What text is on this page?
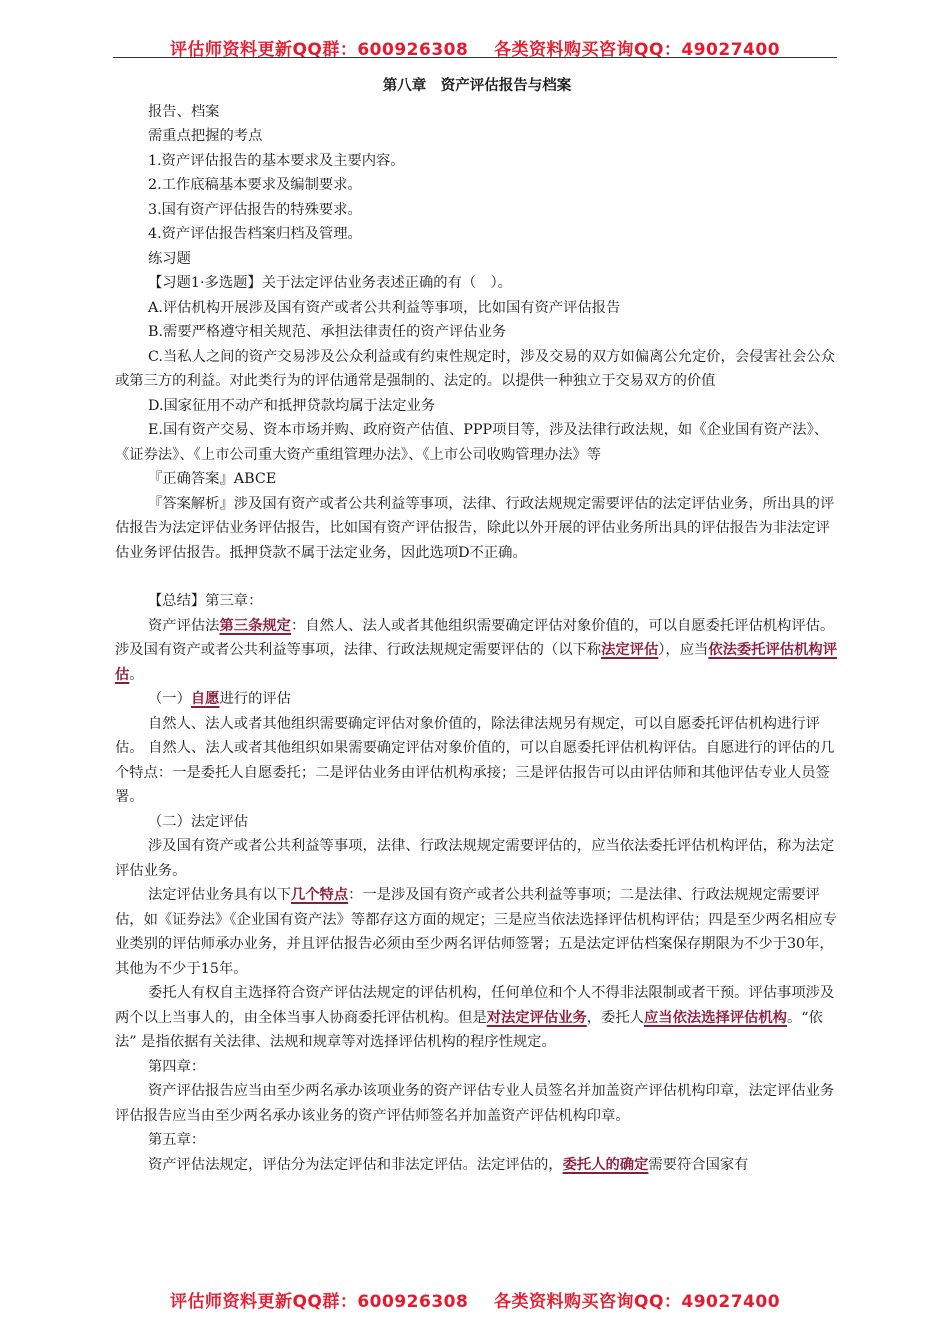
评估师资料更新QQ群：600926308    各类资料购买咨询QQ：49027400

第八章　资产评估报告与档案

报告、档案

需重点把握的考点

1.资产评估报告的基本要求及主要内容。

2.工作底稿基本要求及编制要求。

3.国有资产评估报告的特殊要求。

4.资产评估报告档案归档及管理。

练习题

【习题1·多选题】关于法定评估业务表述正确的有（　）。

A.评估机构开展涉及国有资产或者公共利益等事项，比如国有资产评估报告

B.需要严格遵守相关规范、承担法律责任的资产评估业务

C.当私人之间的资产交易涉及公众利益或有约束性规定时，涉及交易的双方如偏离公允定价，会侵害社会公众或第三方的利益。对此类行为的评估通常是强制的、法定的。以提供一种独立于交易双方的价值

D.国家征用不动产和抵押贷款均属于法定业务

E.国有资产交易、资本市场并购、政府资产估值、PPP项目等，涉及法律行政法规，如《企业国有资产法》、《证券法》、《上市公司重大资产重组管理办法》、《上市公司收购管理办法》等

『正确答案』ABCE

『答案解析』涉及国有资产或者公共利益等事项，法律、行政法规规定需要评估的法定评估业务，所出具的评估报告为法定评估业务评估报告，比如国有资产评估报告，除此以外开展的评估业务所出具的评估报告为非法定评估业务评估报告。抵押贷款不属于法定业务，因此选项D不正确。

【总结】第三章：

资产评估法第三条规定：自然人、法人或者其他组织需要确定评估对象价值的，可以自愿委托评估机构评估。涉及国有资产或者公共利益等事项，法律、行政法规规定需要评估的（以下称法定评估），应当依法委托评估机构评估。

（一）自愿进行的评估

自然人、法人或者其他组织需要确定评估对象价值的，除法律法规另有规定，可以自愿委托评估机构进行评估。 自然人、法人或者其他组织如果需要确定评估对象价值的，可以自愿委托评估机构评估。自愿进行的评估的几个特点：一是委托人自愿委托；二是评估业务由评估机构承接；三是评估报告可以由评估师和其他评估专业人员签署。

（二）法定评估

涉及国有资产或者公共利益等事项，法律、行政法规规定需要评估的，应当依法委托评估机构评估，称为法定评估业务。

法定评估业务具有以下几个特点：一是涉及国有资产或者公共利益等事项；二是法律、行政法规规定需要评估，如《证券法》《企业国有资产法》等都存这方面的规定；三是应当依法选择评估机构评估；四是至少两名相应专业类别的评估师承办业务，并且评估报告必须由至少两名评估师签署；五是法定评估档案保存期限为不少于30年，其他为不少于15年。

委托人有权自主选择符合资产评估法规定的评估机构，任何单位和个人不得非法限制或者干预。评估事项涉及两个以上当事人的，由全体当事人协商委托评估机构。但是对法定评估业务，委托人应当依法选择评估机构。“依法” 是指依据有关法律、法规和规章等对选择评估机构的程序性规定。

第四章：

资产评估报告应当由至少两名承办该项业务的资产评估专业人员签名并加盖资产评估机构印章，法定评估业务评估报告应当由至少两名承办该业务的资产评估师签名并加盖资产评估机构印章。

第五章：

资产评估法规定，评估分为法定评估和非法定评估。法定评估的，委托人的确定需要符合国家有

评估师资料更新QQ群：600926308    各类资料购买咨询QQ：49027400
